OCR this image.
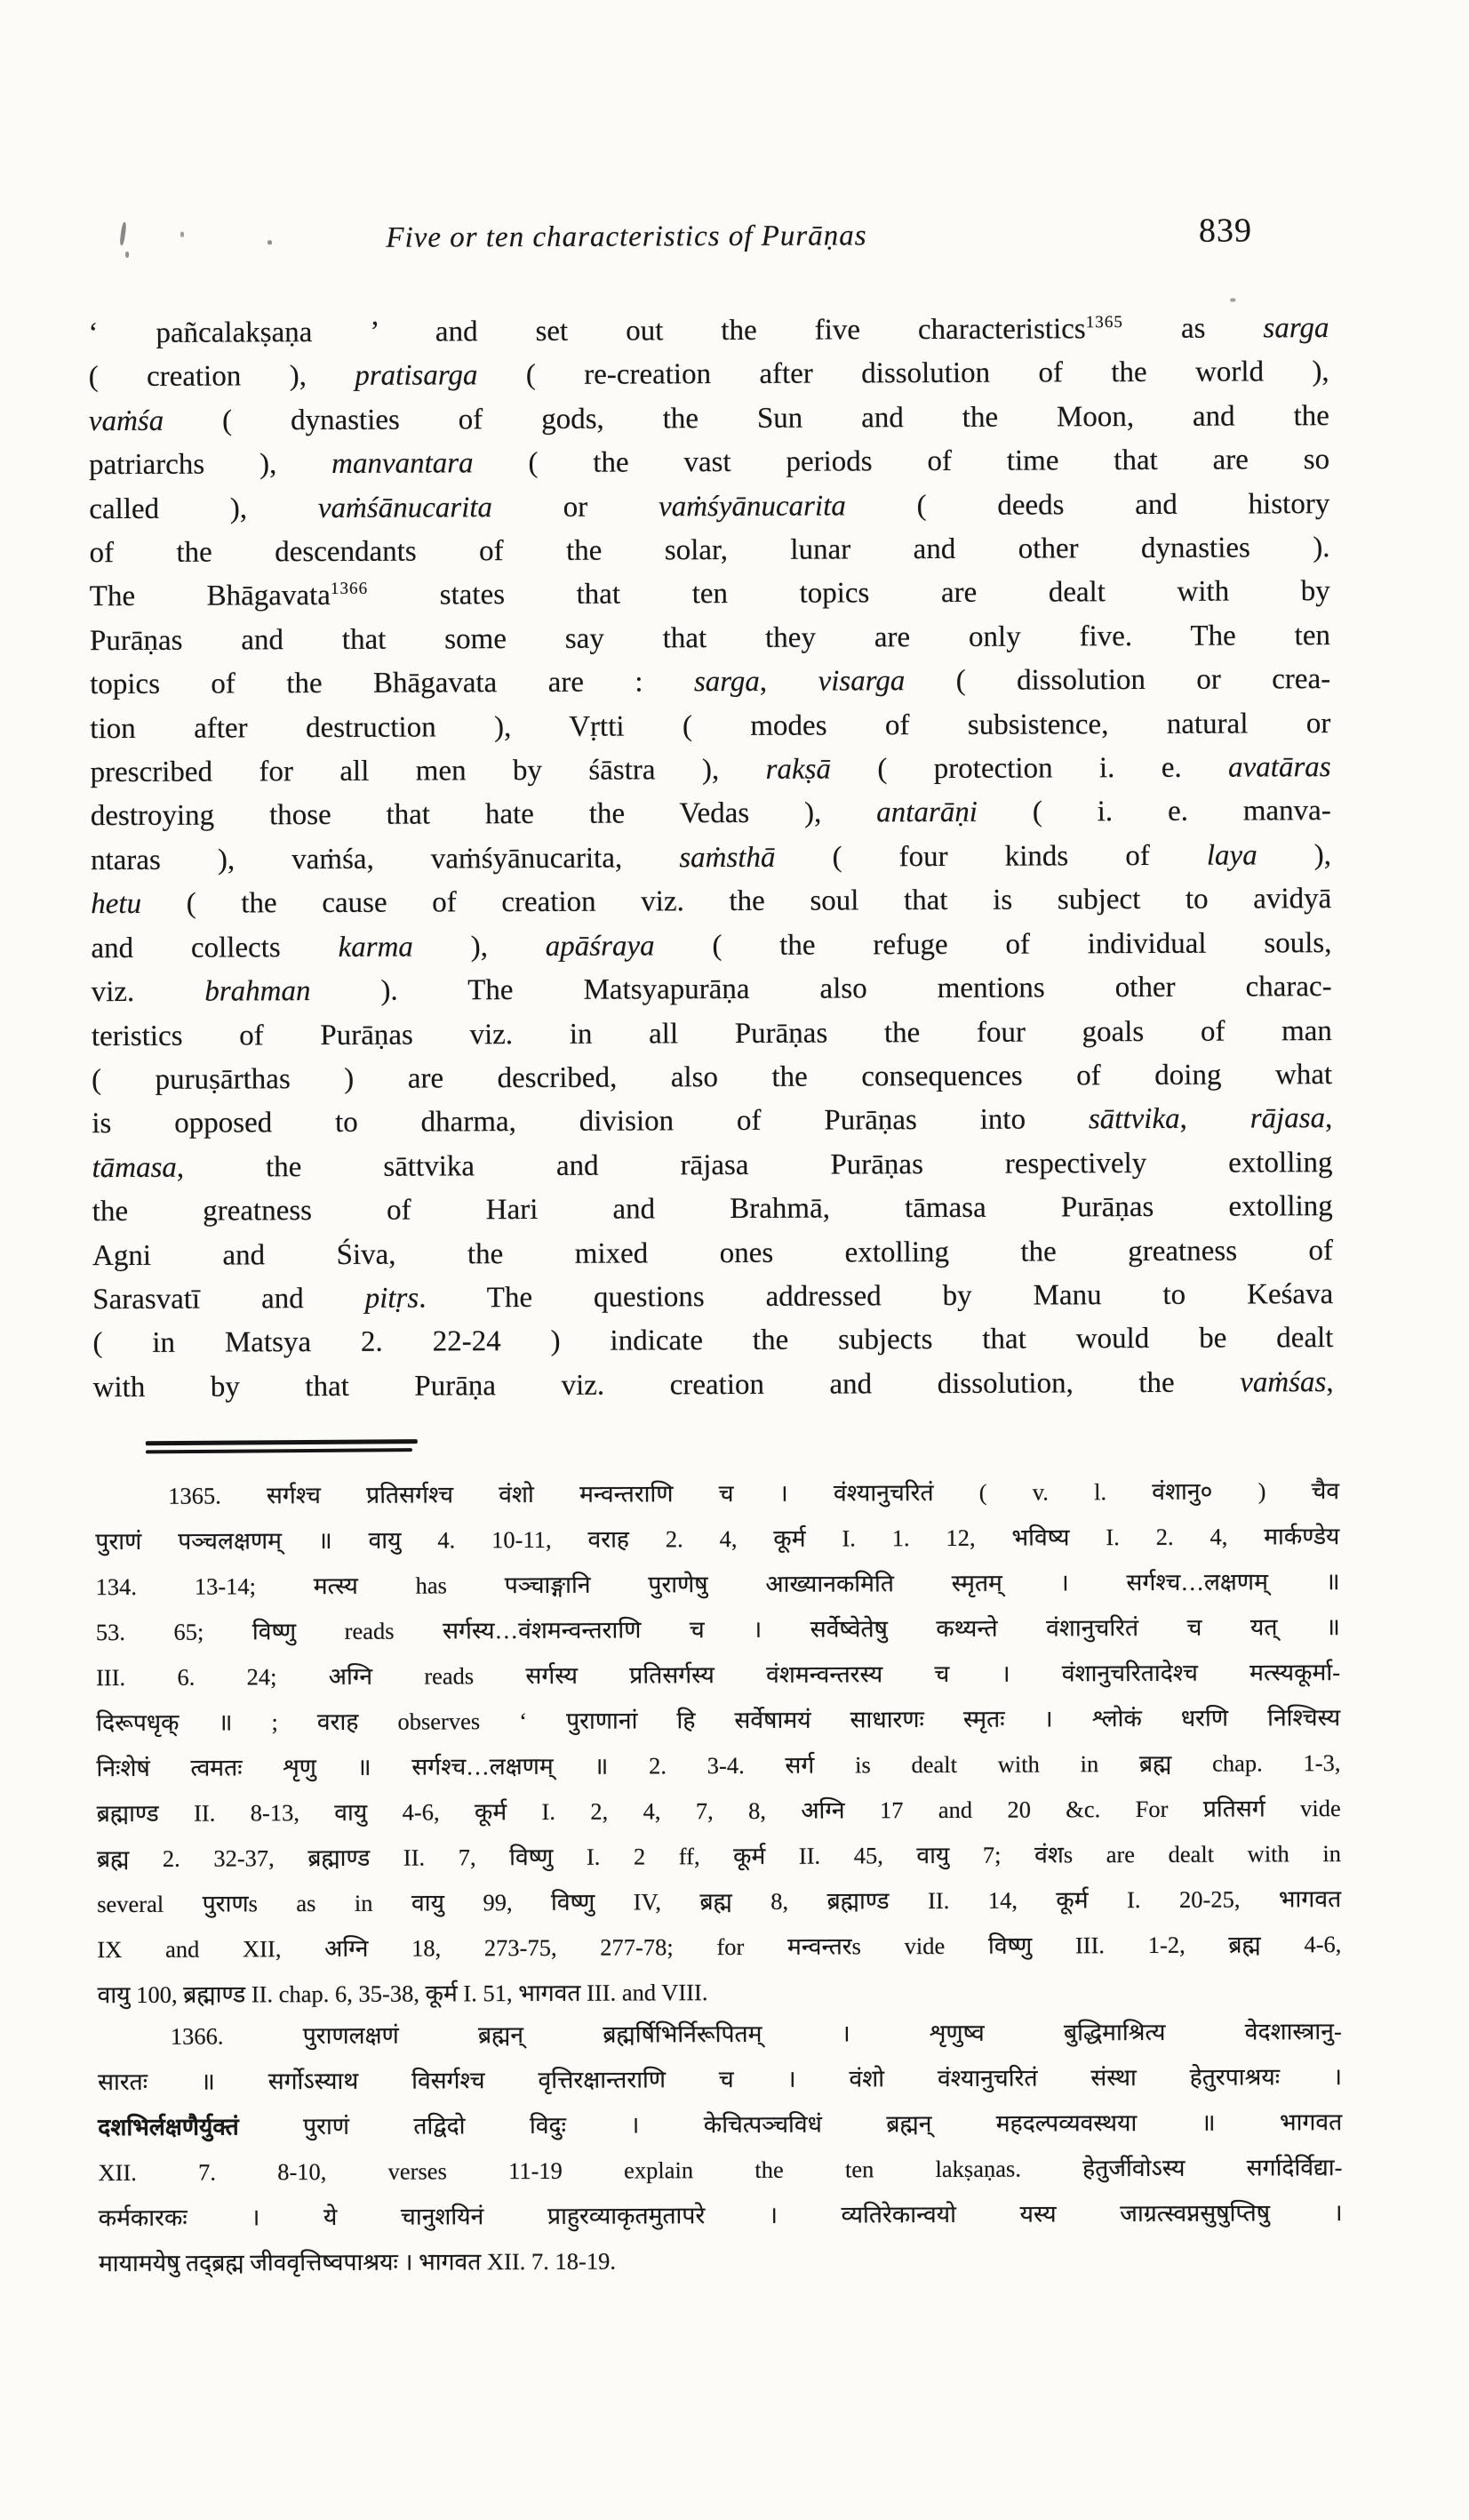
Five or ten characteristics of Purāṇas	839
‘ pañcalakṣaṇa ’ and set out the five characteristics$^{1365}$ as sarga
( creation ), pratisarga ( re-creation after dissolution of the world ),
vaṁśa ( dynasties of gods, the Sun and the Moon, and the
patriarchs ), manvantara ( the vast periods of time that are so
called ), vaṁśānucarita or vaṁśyānucarita ( deeds and history
of the descendants of the solar, lunar and other dynasties ).
The Bhāgavata$^{1366}$ states that ten topics are dealt with by
Purāṇas and that some say that they are only five. The ten
topics of the Bhāgavata are : sarga, visarga ( dissolution or crea-
tion after destruction ), Vṛtti ( modes of subsistence, natural or
prescribed for all men by śāstra ), rakṣā ( protection i. e. avatāras
destroying those that hate the Vedas ), antarāṇi ( i. e. manva-
ntaras ), vaṁśa, vaṁśyānucarita, saṁsthā ( four kinds of laya ),
hetu ( the cause of creation viz. the soul that is subject to avidyā
and collects karma ), apāśraya ( the refuge of individual souls,
viz. brahman ). The Matsyapurāṇa also mentions other charac-
teristics of Purāṇas viz. in all Purāṇas the four goals of man
( puruṣārthas ) are described, also the consequences of doing what
is opposed to dharma, division of Purāṇas into sāttvika, rājasa,
tāmasa, the sāttvika and rājasa Purāṇas respectively extolling
the greatness of Hari and Brahmā, tāmasa Purāṇas extolling
Agni and Śiva, the mixed ones extolling the greatness of
Sarasvatī and pitṛs. The questions addressed by Manu to Keśava
( in Matsya 2. 22-24 ) indicate the subjects that would be dealt
with by that Purāṇa viz. creation and dissolution, the vaṁśas,
1365. सर्गश्च प्रतिसर्गश्च वंशो मन्वन्तराणि च । वंश्यानुचरितं ( v. l. वंशानु० ) चैव
पुराणं पञ्चलक्षणम् ॥ वायु 4. 10-11, वराह 2. 4, कूर्म I. 1. 12, भविष्य I. 2. 4, मार्कण्डेय
134. 13-14; मत्स्य has पञ्चाङ्गानि पुराणेषु आख्यानकमिति स्मृतम् । सर्गश्च…लक्षणम् ॥
53. 65; विष्णु reads सर्गस्य…वंशमन्वन्तराणि च । सर्वेष्वेतेषु कथ्यन्ते वंशानुचरितं च यत् ॥
III. 6. 24; अग्नि reads सर्गस्य प्रतिसर्गस्य वंशमन्वन्तरस्य च । वंशानुचरितादेश्च मत्स्यकूर्मा-
दिरूपधृक् ॥ ; वराह observes ‘ पुराणानां हि सर्वेषामयं साधारणः स्मृतः । श्लोकं धरणि निश्चिस्य
निःशेषं त्वमतः शृणु ॥ सर्गश्च…लक्षणम् ॥ 2. 3-4. सर्ग is dealt with in ब्रह्म chap. 1-3,
ब्रह्माण्ड II. 8-13, वायु 4-6, कूर्म I. 2, 4, 7, 8, अग्नि 17 and 20 &c. For प्रतिसर्ग vide
ब्रह्म 2. 32-37, ब्रह्माण्ड II. 7, विष्णु I. 2 ff, कूर्म II. 45, वायु 7; वंशs are dealt with in
several पुराणs as in वायु 99, विष्णु IV, ब्रह्म 8, ब्रह्माण्ड II. 14, कूर्म I. 20-25, भागवत
IX and XII, अग्नि 18, 273-75, 277-78; for मन्वन्तरs vide विष्णु III. 1-2, ब्रह्म 4-6,
वायु 100, ब्रह्माण्ड II. chap. 6, 35-38, कूर्म I. 51, भागवत III. and VIII.
1366. पुराणलक्षणं ब्रह्मन् ब्रह्मर्षिभिर्निरूपितम् । शृणुष्व बुद्धिमाश्रित्य वेदशास्त्रानु-
सारतः ॥ सर्गोऽस्याथ विसर्गश्च वृत्तिरक्षान्तराणि च । वंशो वंश्यानुचरितं संस्था हेतुरपाश्रयः ।
दशभिर्लक्षणैर्युक्तं पुराणं तद्विदो विदुः । केचित्पञ्चविधं ब्रह्मन् महदल्पव्यवस्थया ॥ भागवत
XII. 7. 8-10, verses 11-19 explain the ten lakṣaṇas. हेतुर्जीवोऽस्य सर्गादेर्विद्या-
कर्मकारकः । ये चानुशयिनं प्राहुरव्याकृतमुतापरे । व्यतिरेकान्वयो यस्य जाग्रत्स्वप्नसुषुप्तिषु ।
मायामयेषु तद्ब्रह्म जीववृत्तिष्वपाश्रयः । भागवत XII. 7. 18-19.
